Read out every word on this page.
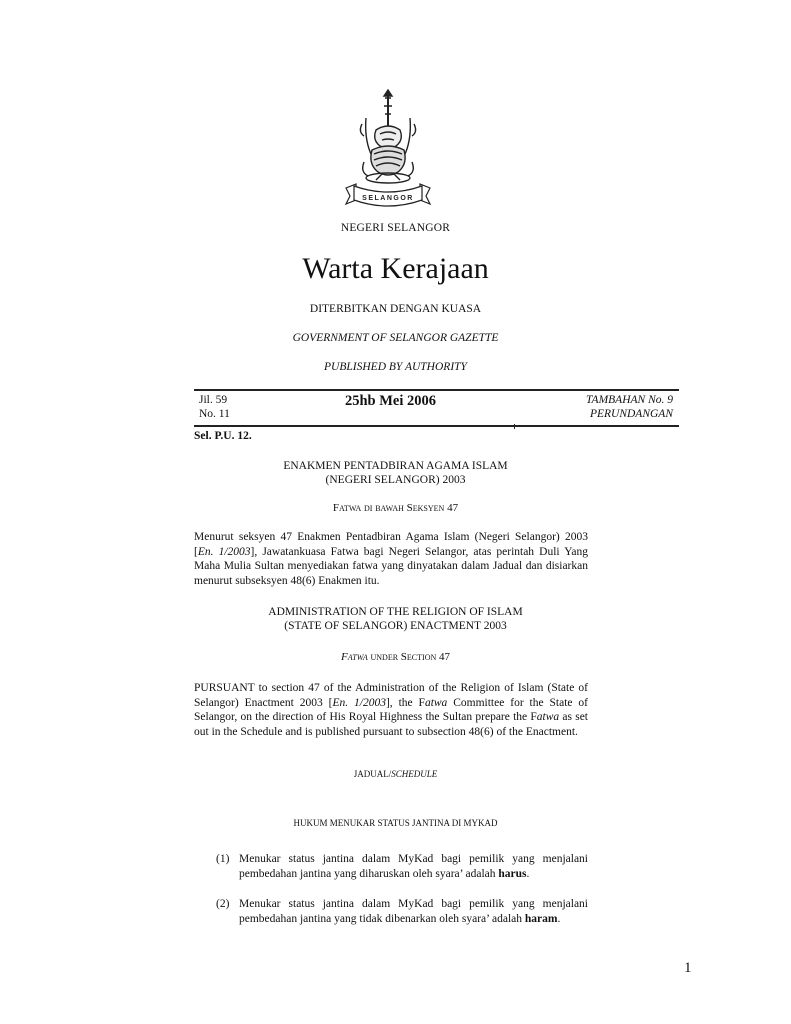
SELANGOR
NEGERI SELANGOR
Warta Kerajaan
DITERBITKAN DENGAN KUASA
GOVERNMENT OF SELANGOR GAZETTE
PUBLISHED BY AUTHORITY
Jil. 59
No. 11
25hb Mei 2006	TAMBAHAN No. 9
PERUNDANGAN
Sel. P.U. 12.
ENAKMEN PENTADBIRAN AGAMA ISLAM
(NEGERI SELANGOR) 2003
Fatwa di bawah Seksyen 47
Menurut seksyen 47 Enakmen Pentadbiran Agama Islam (Negeri Selangor) 2003 [En. 1/2003], Jawatankuasa Fatwa bagi Negeri Selangor, atas perintah Duli Yang Maha Mulia Sultan menyediakan fatwa yang dinyatakan dalam Jadual dan disiarkan menurut subseksyen 48(6) Enakmen itu.
ADMINISTRATION OF THE RELIGION OF ISLAM
(STATE OF SELANGOR) ENACTMENT 2003
Fatwa under Section 47
PURSUANT to section 47 of the Administration of the Religion of Islam (State of Selangor) Enactment 2003 [En. 1/2003], the Fatwa Committee for the State of Selangor, on the direction of His Royal Highness the Sultan prepare the Fatwa as set out in the Schedule and is published pursuant to subsection 48(6) of the Enactment.
JADUAL/SCHEDULE
HUKUM MENUKAR STATUS JANTINA DI MYKAD
(1) Menukar status jantina dalam MyKad bagi pemilik yang menjalani pembedahan jantina yang diharuskan oleh syara’ adalah harus.
(2) Menukar status jantina dalam MyKad bagi pemilik yang menjalani pembedahan jantina yang tidak dibenarkan oleh syara’ adalah haram.
1
